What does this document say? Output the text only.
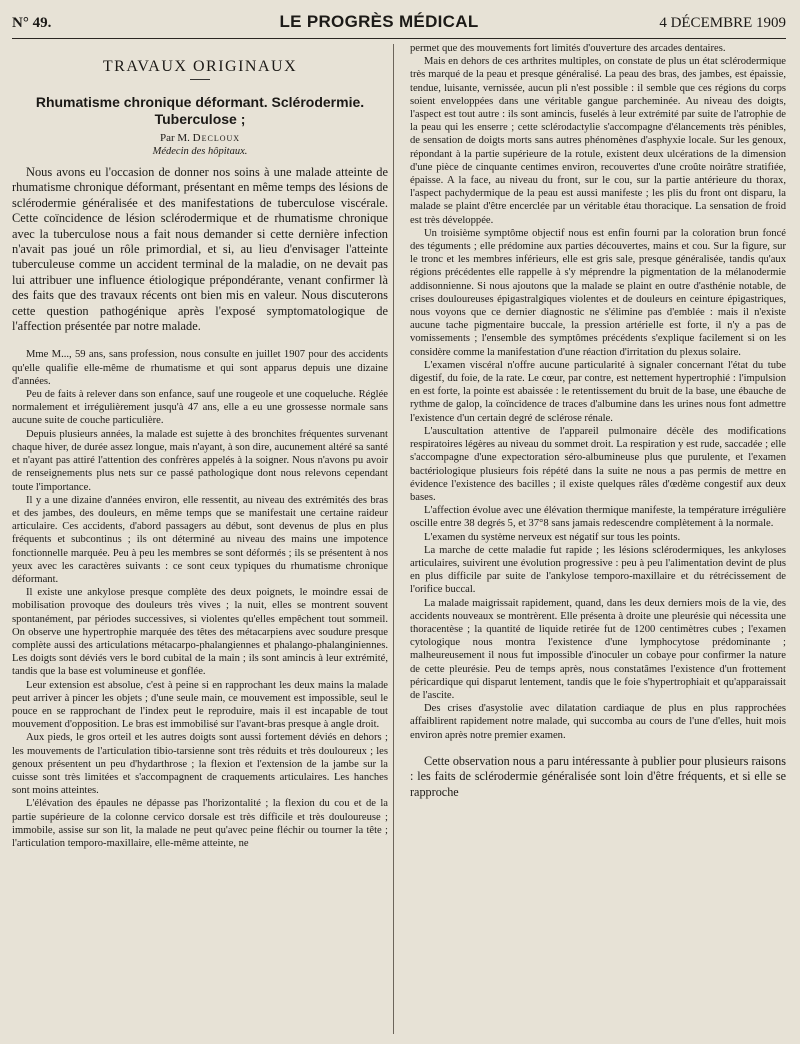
N° 49.	LE PROGRÈS MÉDICAL	4 DÉCEMBRE 1909
TRAVAUX ORIGINAUX
Rhumatisme chronique déformant. Sclérodermie.
Tuberculose ;
Par M. Decloux
Médecin des hôpitaux.

Nous avons eu l'occasion de donner nos soins à une malade atteinte de rhumatisme chronique déformant, présentant en même temps des lésions de sclérodermie généralisée et des manifestations de tuberculose viscérale. Cette coïncidence de lésion sclérodermique et de rhumatisme chronique avec la tuberculose nous a fait nous demander si cette dernière infection n'avait pas joué un rôle primordial, et si, au lieu d'envisager l'atteinte tuberculeuse comme un accident terminal de la maladie, on ne devait pas lui attribuer une influence étiologique prépondérante, venant confirmer là des faits que des travaux récents ont bien mis en valeur. Nous discuterons cette question pathogénique après l'exposé symptomatologique de l'affection présentée par notre malade.

Mme M..., 59 ans, sans profession, nous consulte en juillet 1907 pour des accidents qu'elle qualifie elle-même de rhumatisme et qui sont apparus depuis une dizaine d'années.

Peu de faits à relever dans son enfance, sauf une rougeole et une coqueluche. Réglée normalement et irrégulièrement jusqu'à 47 ans, elle a eu une grossesse normale sans aucune suite de couche particulière.

Depuis plusieurs années, la malade est sujette à des bronchites fréquentes survenant chaque hiver, de durée assez longue, mais n'ayant, à son dire, aucunement altéré sa santé et n'ayant pas attiré l'attention des confrères appelés à la soigner. Nous n'avons pu avoir de renseignements plus nets sur ce passé pathologique dont nous relevons cependant toute l'importance.

Il y a une dizaine d'années environ, elle ressentit, au niveau des extrémités des bras et des jambes, des douleurs, en même temps que se manifestait une certaine raideur articulaire. Ces accidents, d'abord passagers au début, sont devenus de plus en plus fréquents et subcontinus ; ils ont déterminé au niveau des mains une impotence fonctionnelle marquée. Peu à peu les membres se sont déformés ; ils se présentent à nos yeux avec les caractères suivants : ce sont ceux typiques du rhumatisme chronique déformant.

Il existe une ankylose presque complète des deux poignets, le moindre essai de mobilisation provoque des douleurs très vives ; la nuit, elles se montrent souvent spontanément, par périodes successives, si violentes qu'elles empêchent tout sommeil. On observe une hypertrophie marquée des têtes des métacarpiens avec soudure presque complète aussi des articulations métacarpo-phalangiennes et phalango-phalanginiennes. Les doigts sont déviés vers le bord cubital de la main ; ils sont amincis à leur extrémité, tandis que la base est volumineuse et gonflée.

Leur extension est absolue, c'est à peine si en rapprochant les deux mains la malade peut arriver à pincer les objets ; d'une seule main, ce mouvement est impossible, seul le pouce en se rapprochant de l'index peut le reproduire, mais il est incapable de tout mouvement d'opposition. Le bras est immobilisé sur l'avant-bras presque à angle droit.

Aux pieds, le gros orteil et les autres doigts sont aussi fortement déviés en dehors ; les mouvements de l'articulation tibio-tarsienne sont très réduits et très douloureux ; les genoux présentent un peu d'hydarthrose ; la flexion et l'extension de la jambe sur la cuisse sont très limitées et s'accompagnent de craquements articulaires. Les hanches sont moins atteintes.

L'élévation des épaules ne dépasse pas l'horizontalité ; la flexion du cou et de la partie supérieure de la colonne cervico dorsale est très difficile et très douloureuse ; immobile, assise sur son lit, la malade ne peut qu'avec peine fléchir ou tourner la tête ; l'articulation temporo-maxillaire, elle-même atteinte, ne

permet que des mouvements fort limités d'ouverture des arcades dentaires.

Mais en dehors de ces arthrites multiples, on constate de plus un état sclérodermique très marqué de la peau et presque généralisé. La peau des bras, des jambes, est épaissie, tendue, luisante, vernissée, aucun pli n'est possible : il semble que ces régions du corps soient enveloppées dans une véritable gangue parcheminée. Au niveau des doigts, l'aspect est tout autre : ils sont amincis, fuselés à leur extrémité par suite de l'atrophie de la peau qui les enserre ; cette sclérodactylie s'accompagne d'élancements très pénibles, de sensation de doigts morts sans autres phénomènes d'asphyxie locale. Sur les genoux, répondant à la partie supérieure de la rotule, existent deux ulcérations de la dimension d'une pièce de cinquante centimes environ, recouvertes d'une croûte noirâtre stratifiée, épaisse. A la face, au niveau du front, sur le cou, sur la partie antérieure du thorax, l'aspect pachydermique de la peau est aussi manifeste ; les plis du front ont disparu, la malade se plaint d'être encerclée par un véritable étau thoracique. La sensation de froid est très développée.

Un troisième symptôme objectif nous est enfin fourni par la coloration brun foncé des téguments ; elle prédomine aux parties découvertes, mains et cou. Sur la figure, sur le tronc et les membres inférieurs, elle est gris sale, presque généralisée, tandis qu'aux régions précédentes elle rappelle à s'y méprendre la pigmentation de la mélanodermie addisonnienne. Si nous ajoutons que la malade se plaint en outre d'asthénie notable, de crises douloureuses épigastralgiques violentes et de douleurs en ceinture épigastriques, nous voyons que ce dernier diagnostic ne s'élimine pas d'emblée : mais il n'existe aucune tache pigmentaire buccale, la pression artérielle est forte, il n'y a pas de vomissements ; l'ensemble des symptômes précédents s'explique facilement si on les considère comme la manifestation d'une réaction d'irritation du plexus solaire.

L'examen viscéral n'offre aucune particularité à signaler concernant l'état du tube digestif, du foie, de la rate. Le cœur, par contre, est nettement hypertrophié : l'impulsion en est forte, la pointe est abaissée : le retentissement du bruit de la base, une ébauche de rythme de galop, la coïncidence de traces d'albumine dans les urines nous font admettre l'existence d'un certain degré de sclérose rénale.

L'auscultation attentive de l'appareil pulmonaire décèle des modifications respiratoires légères au niveau du sommet droit. La respiration y est rude, saccadée ; elle s'accompagne d'une expectoration séro-albumineuse plus que purulente, et l'examen bactériologique plusieurs fois répété dans la suite ne nous a pas permis de mettre en évidence l'existence des bacilles ; il existe quelques râles d'œdème congestif aux deux bases.

L'affection évolue avec une élévation thermique manifeste, la température irrégulière oscille entre 38 degrés 5, et 37°8 sans jamais redescendre complètement à la normale.

L'examen du système nerveux est négatif sur tous les points.

La marche de cette maladie fut rapide ; les lésions sclérodermiques, les ankyloses articulaires, suivirent une évolution progressive : peu à peu l'alimentation devint de plus en plus difficile par suite de l'ankylose temporo-maxillaire et du rétrécissement de l'orifice buccal.

La malade maigrissait rapidement, quand, dans les deux derniers mois de la vie, des accidents nouveaux se montrèrent. Elle présenta à droite une pleurésie qui nécessita une thoracentèse ; la quantité de liquide retirée fut de 1200 centimètres cubes ; l'examen cytologique nous montra l'existence d'une lymphocytose prédominante ; malheureusement il nous fut impossible d'inoculer un cobaye pour confirmer la nature de cette pleurésie. Peu de temps après, nous constatâmes l'existence d'un frottement péricardique qui disparut lentement, tandis que le foie s'hypertrophiait et qu'apparaissait de l'ascite.

Des crises d'asystolie avec dilatation cardiaque de plus en plus rapprochées affaiblirent rapidement notre malade, qui succomba au cours de l'une d'elles, huit mois environ après notre premier examen.

Cette observation nous a paru intéressante à publier pour plusieurs raisons : les faits de sclérodermie généralisée sont loin d'être fréquents, et si elle se rapproche
